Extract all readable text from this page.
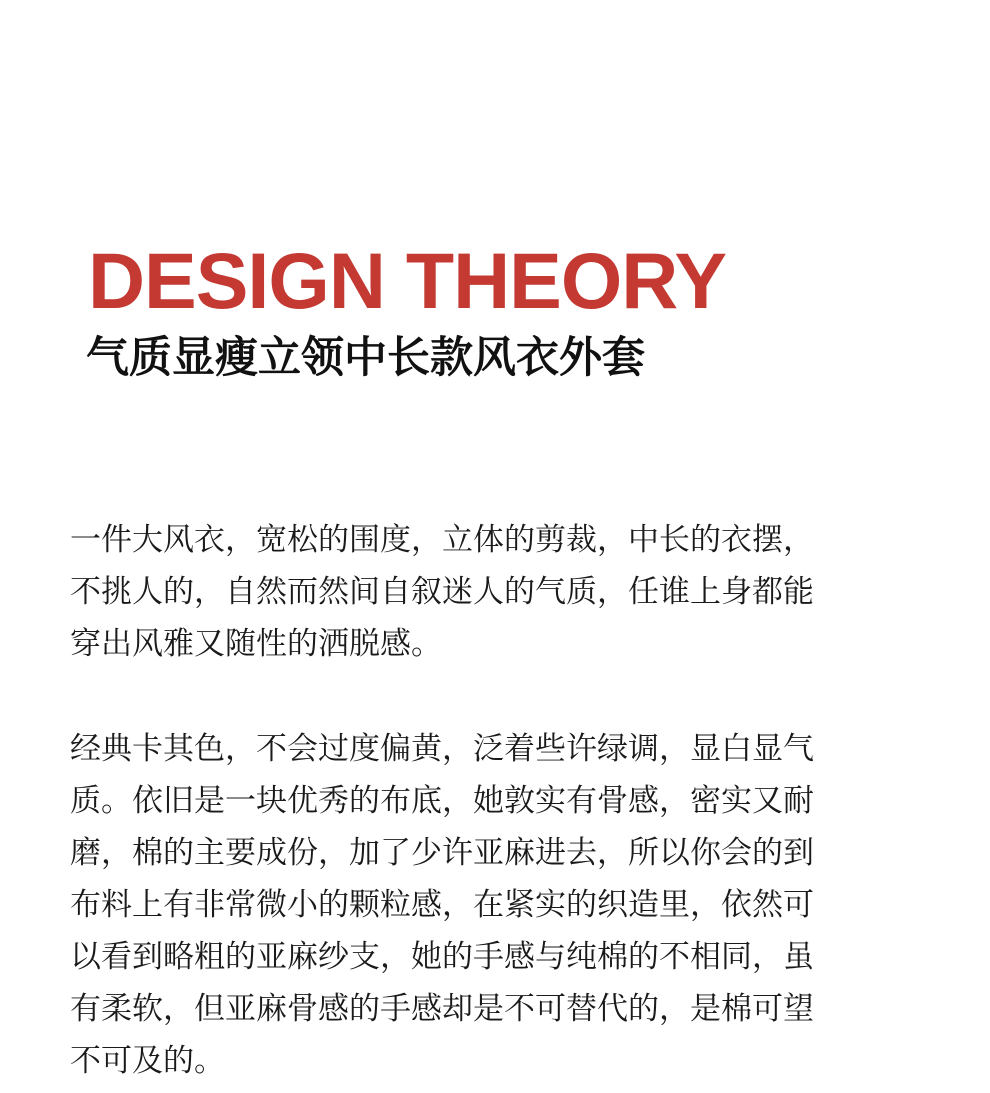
DESIGN THEORY
气质显瘦立领中长款风衣外套

一件大风衣，宽松的围度，立体的剪裁，中长的衣摆，
不挑人的，自然而然间自叙迷人的气质，任谁上身都能
穿出风雅又随性的洒脱感。

经典卡其色，不会过度偏黄，泛着些许绿调，显白显气
质。依旧是一块优秀的布底，她敦实有骨感，密实又耐
磨，棉的主要成份，加了少许亚麻进去，所以你会的到
布料上有非常微小的颗粒感，在紧实的织造里，依然可
以看到略粗的亚麻纱支，她的手感与纯棉的不相同，虽
有柔软，但亚麻骨感的手感却是不可替代的，是棉可望
不可及的。
